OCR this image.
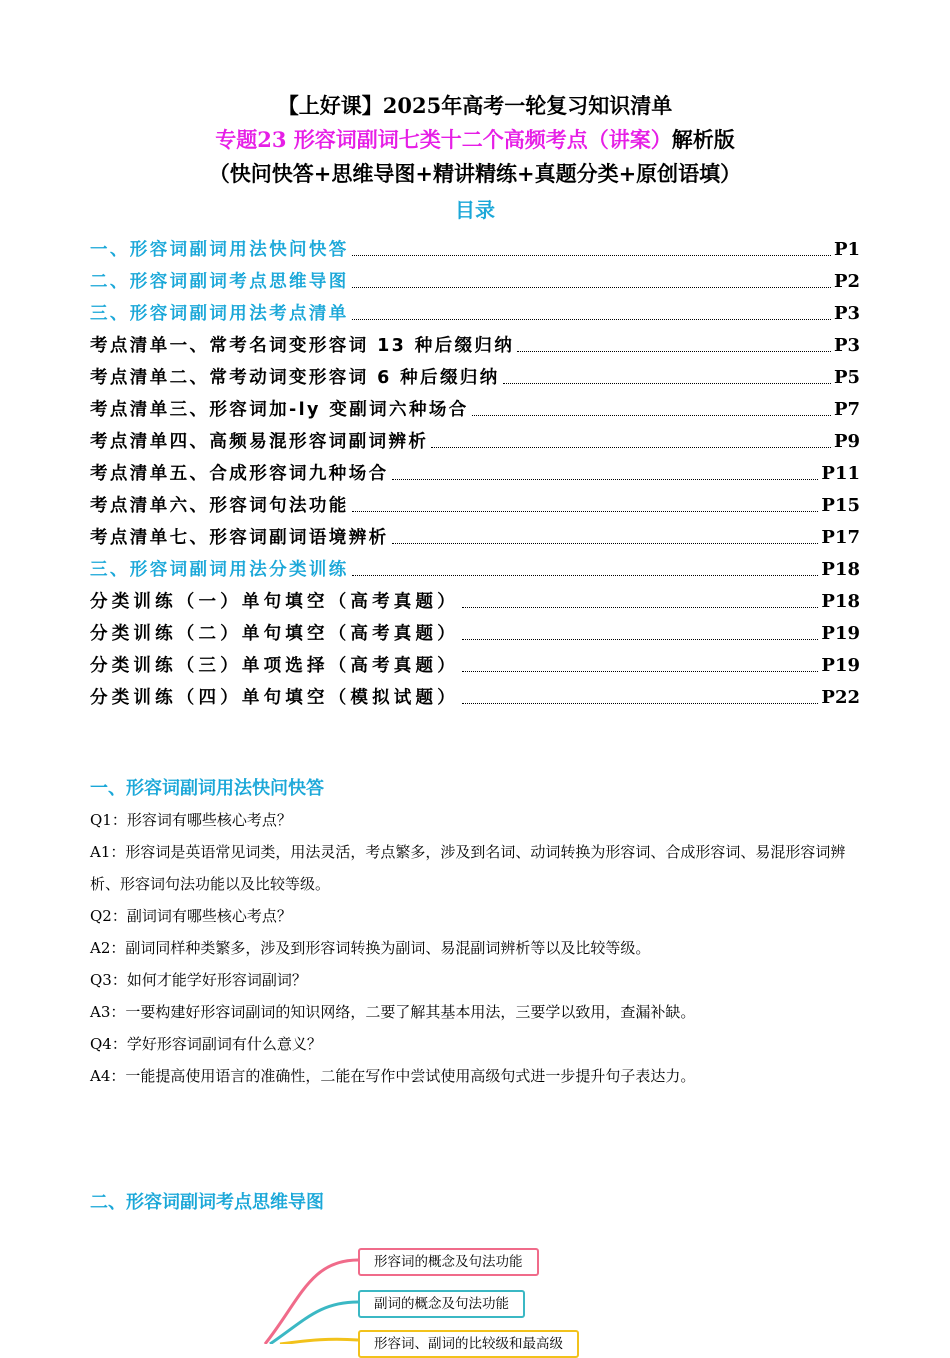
【上好课】2025年高考一轮复习知识清单
专题23 形容词副词七类十二个高频考点（讲案）解析版
（快问快答+思维导图+精讲精练+真题分类+原创语填）
目录
一、形容词副词用法快问快答	P1
二、形容词副词考点思维导图	P2
三、形容词副词用法考点清单	P3
考点清单一、常考名词变形容词 13 种后缀归纳	P3
考点清单二、常考动词变形容词 6 种后缀归纳	P5
考点清单三、形容词加-ly 变副词六种场合	P7
考点清单四、高频易混形容词副词辨析	P9
考点清单五、合成形容词九种场合	P11
考点清单六、形容词句法功能	P15
考点清单七、形容词副词语境辨析	P17
三、形容词副词用法分类训练	P18
分类训练（一）单句填空（高考真题）	P18
分类训练（二）单句填空（高考真题）	P19
分类训练（三）单项选择（高考真题）	P19
分类训练（四）单句填空（模拟试题）	P22
一、形容词副词用法快问快答

Q1：形容词有哪些核心考点？

A1：形容词是英语常见词类，用法灵活，考点繁多，涉及到名词、动词转换为形容词、合成形容词、易混形容词辨析、形容词句法功能以及比较等级。

Q2：副词词有哪些核心考点？

A2：副词同样种类繁多，涉及到形容词转换为副词、易混副词辨析等以及比较等级。

Q3：如何才能学好形容词副词？

A3：一要构建好形容词副词的知识网络，二要了解其基本用法，三要学以致用，查漏补缺。

Q4：学好形容词副词有什么意义？

A4：一能提高使用语言的准确性，二能在写作中尝试使用高级句式进一步提升句子表达力。

二、形容词副词考点思维导图
形容词的概念及句法功能
副词的概念及句法功能
形容词、副词的比较级和最高级
